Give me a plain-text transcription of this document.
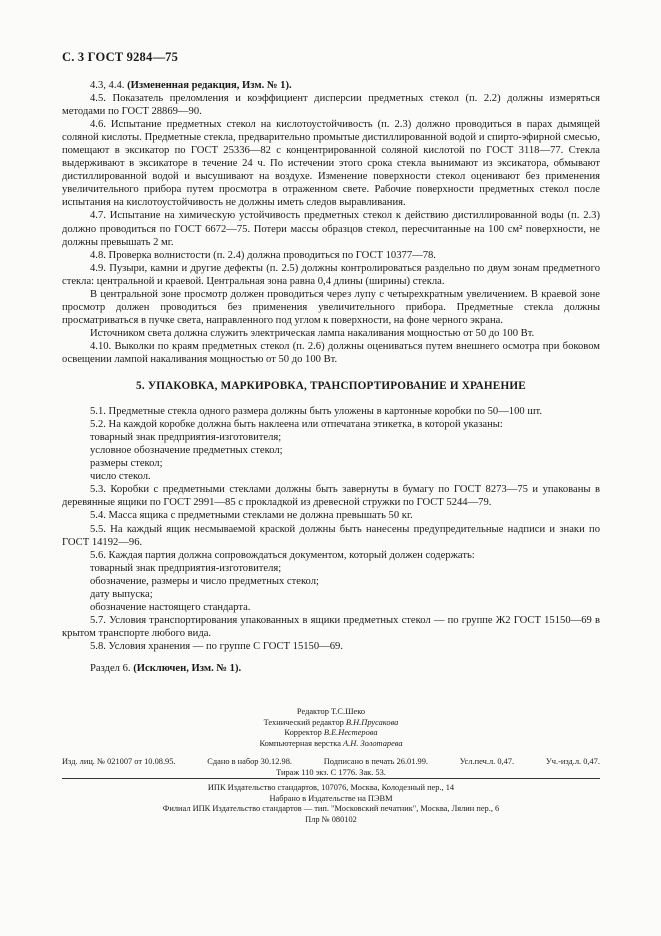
С. 3 ГОСТ 9284—75

4.3, 4.4. (Измененная редакция, Изм. № 1).

4.5. Показатель преломления и коэффициент дисперсии предметных стекол (п. 2.2) должны измеряться методами по ГОСТ 28869—90.

4.6. Испытание предметных стекол на кислотоустойчивость (п. 2.3) должно проводиться в парах дымящей соляной кислоты. Предметные стекла, предварительно промытые дистиллированной водой и спирто-эфирной смесью, помещают в эксикатор по ГОСТ 25336—82 с концентрированной соляной кислотой по ГОСТ 3118—77. Стекла выдерживают в эксикаторе в течение 24 ч. По истечении этого срока стекла вынимают из эксикатора, обмывают дистиллированной водой и высушивают на воздухе. Изменение поверхности стекол оценивают без применения увеличительного прибора путем просмотра в отраженном свете. Рабочие поверхности предметных стекол после испытания на кислотоустойчивость не должны иметь следов выравливания.

4.7. Испытание на химическую устойчивость предметных стекол к действию дистиллированной воды (п. 2.3) должно проводиться по ГОСТ 6672—75. Потери массы образцов стекол, пересчитанные на 100 см² поверхности, не должны превышать 2 мг.

4.8. Проверка волнистости (п. 2.4) должна проводиться по ГОСТ 10377—78.

4.9. Пузыри, камни и другие дефекты (п. 2.5) должны контролироваться раздельно по двум зонам предметного стекла: центральной и краевой. Центральная зона равна 0,4 длины (ширины) стекла.

В центральной зоне просмотр должен проводиться через лупу с четырехкратным увеличением. В краевой зоне просмотр должен проводиться без применения увеличительного прибора. Предметные стекла должны просматриваться в пучке света, направленного под углом к поверхности, на фоне черного экрана.

Источником света должна служить электрическая лампа накаливания мощностью от 50 до 100 Вт.

4.10. Выколки по краям предметных стекол (п. 2.6) должны оцениваться путем внешнего осмотра при боковом освещении лампой накаливания мощностью от 50 до 100 Вт.

5. УПАКОВКА, МАРКИРОВКА, ТРАНСПОРТИРОВАНИЕ И ХРАНЕНИЕ

5.1. Предметные стекла одного размера должны быть уложены в картонные коробки по 50—100 шт.

5.2. На каждой коробке должна быть наклеена или отпечатана этикетка, в которой указаны:

товарный знак предприятия-изготовителя;

условное обозначение предметных стекол;

размеры стекол;

число стекол.

5.3. Коробки с предметными стеклами должны быть завернуты в бумагу по ГОСТ 8273—75 и упакованы в деревянные ящики по ГОСТ 2991—85 с прокладкой из древесной стружки по ГОСТ 5244—79.

5.4. Масса ящика с предметными стеклами не должна превышать 50 кг.

5.5. На каждый ящик несмываемой краской должны быть нанесены предупредительные надписи и знаки по ГОСТ 14192—96.

5.6. Каждая партия должна сопровождаться документом, который должен содержать:

товарный знак предприятия-изготовителя;

обозначение, размеры и число предметных стекол;

дату выпуска;

обозначение настоящего стандарта.

5.7. Условия транспортирования упакованных в ящики предметных стекол — по группе Ж2 ГОСТ 15150—69 в крытом транспорте любого вида.

5.8. Условия хранения — по группе С ГОСТ 15150—69.

Раздел 6. (Исключен, Изм. № 1).

Редактор Т.С.Шеко
Технический редактор В.Н.Прусакова
Корректор В.Е.Нестерова
Компьютерная верстка А.Н. Золотарева
Изд. лиц. № 021007 от 10.08.95.	Сдано в набор 30.12.98.	Подписано в печать 26.01.99.	Усл.печ.л. 0,47.	Уч.-изд.л. 0,47.
Тираж 110 экз. С 1776. Зак. 53.
ИПК Издательство стандартов, 107076, Москва, Колодезный пер., 14
Набрано в Издательстве на ПЭВМ
Филиал ИПК Издательство стандартов — тип. "Московский печатник", Москва, Лялин пер., 6
Плр № 080102
